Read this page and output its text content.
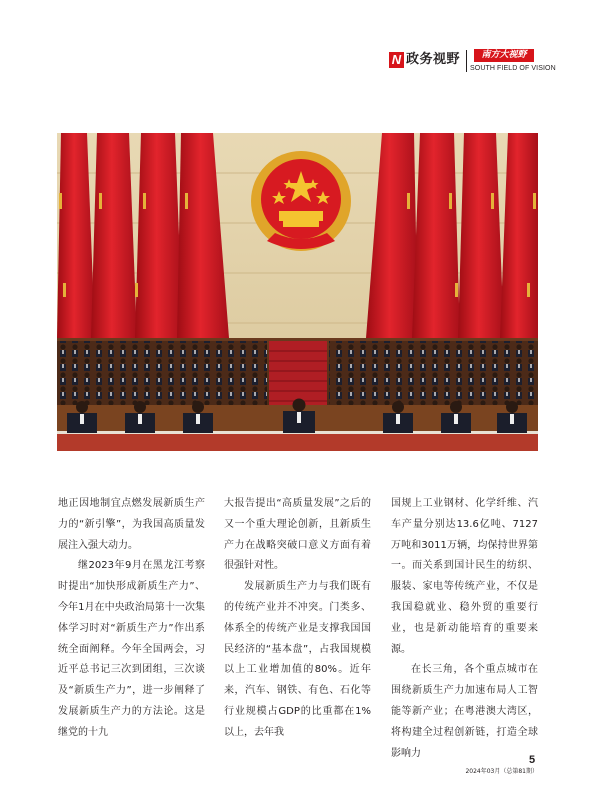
N 政务视野	南方大视野
SOUTH FIELD OF VISION

地正因地制宜点燃发展新质生产力的“新引擎”，为我国高质量发展注入强大动力。

继2023年9月在黑龙江考察时提出“加快形成新质生产力”、今年1月在中央政治局第十一次集体学习时对“新质生产力”作出系统全面阐释。今年全国两会，习近平总书记三次到团组，三次谈及“新质生产力”，进一步阐释了发展新质生产力的方法论。这是继党的十九

大报告提出“高质量发展”之后的又一个重大理论创新，且新质生产力在战略突破口意义方面有着很强针对性。

发展新质生产力与我们既有的传统产业并不冲突。门类多、体系全的传统产业是支撑我国国民经济的“基本盘”，占我国规模以上工业增加值的80%。近年来，汽车、钢铁、有色、石化等行业规模占GDP的比重都在1%以上，去年我

国规上工业钢材、化学纤维、汽车产量分别达13.6亿吨、7127万吨和3011万辆，均保持世界第一。而关系到国计民生的纺织、服装、家电等传统产业，不仅是我国稳就业、稳外贸的重要行业，也是新动能培育的重要来源。

在长三角，各个重点城市在围绕新质生产力加速布局人工智能等新产业；在粤港澳大湾区，将构建全过程创新链，打造全球影响力

5
2024年03月（总第81期）
